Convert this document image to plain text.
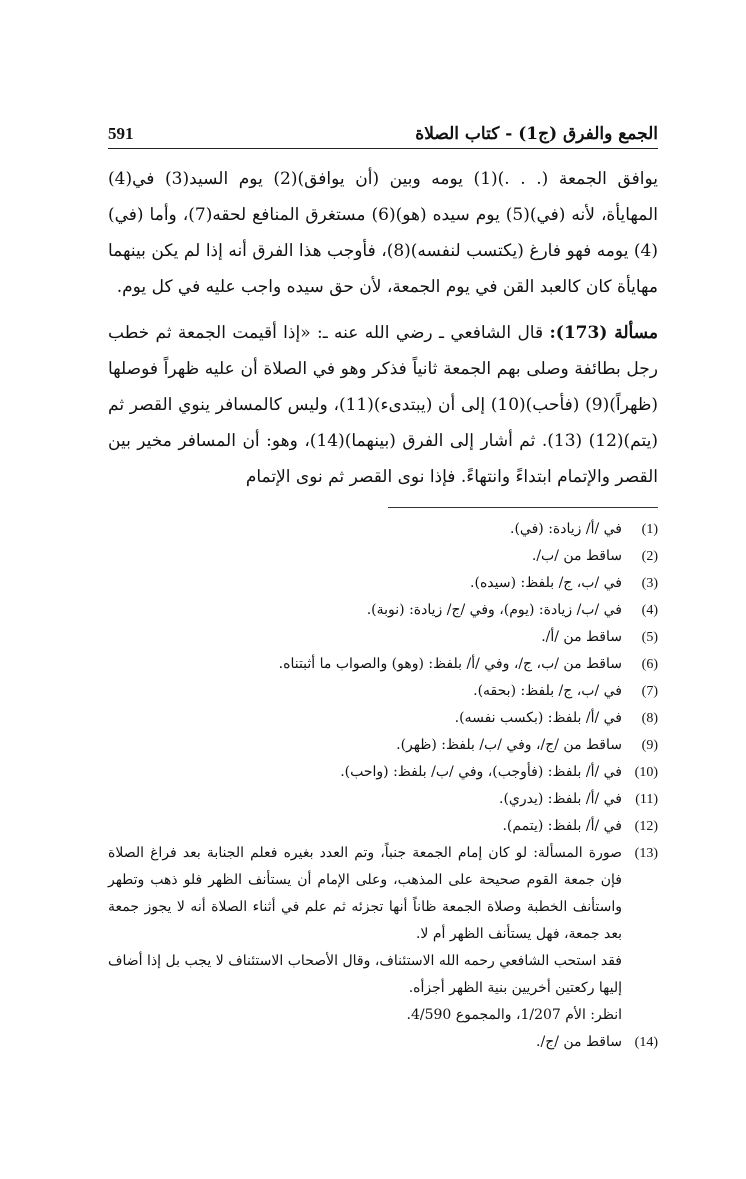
الجمع والفرق (ج1) - كتاب الصلاة
591

يوافق الجمعة (. . .)(1) يومه وبين (أن يوافق)(2) يوم السيد(3) في(4) المهايأة، لأنه (في)(5) يوم سيده (هو)(6) مستغرق المنافع لحقه(7)، وأما (في)(4) يومه فهو فارغ (يكتسب لنفسه)(8)، فأوجب هذا الفرق أنه إذا لم يكن بينهما مهايأة كان كالعبد القن في يوم الجمعة، لأن حق سيده واجب عليه في كل يوم.

مسألة (173): قال الشافعي ـ رضي الله عنه ـ: «إذا أقيمت الجمعة ثم خطب رجل بطائفة وصلى بهم الجمعة ثانياً فذكر وهو في الصلاة أن عليه ظهراً فوصلها (ظهراً)(9) (فأحب)(10) إلى أن (يبتدىء)(11)، وليس كالمسافر ينوي القصر ثم (يتم)(12) (13). ثم أشار إلى الفرق (بينهما)(14)، وهو: أن المسافر مخير بين القصر والإتمام ابتداءً وانتهاءً. فإذا نوى القصر ثم نوى الإتمام

(1)
في /أ/ زيادة: (في).
(2)
ساقط من /ب/.
(3)
في /ب، ج/ بلفظ: (سيده).
(4)
في /ب/ زيادة: (يوم)، وفي /ج/ زيادة: (نوبة).
(5)
ساقط من /أ/.
(6)
ساقط من /ب، ج/، وفي /أ/ بلفظ: (وهو) والصواب ما أثبتناه.
(7)
في /ب، ج/ بلفظ: (بحقه).
(8)
في /أ/ بلفظ: (بكسب نفسه).
(9)
ساقط من /ج/، وفي /ب/ بلفظ: (ظهر).
(10)
في /أ/ بلفظ: (فأوجب)، وفي /ب/ بلفظ: (واحب).
(11)
في /أ/ بلفظ: (يدري).
(12)
في /أ/ بلفظ: (يتمم).
(13)

صورة المسألة: لو كان إمام الجمعة جنباً، وتم العدد بغيره فعلم الجنابة بعد فراغ الصلاة فإن جمعة القوم صحيحة على المذهب، وعلى الإمام أن يستأنف الظهر فلو ذهب وتطهر واستأنف الخطبة وصلاة الجمعة ظاناً أنها تجزئه ثم علم في أثناء الصلاة أنه لا يجوز جمعة بعد جمعة، فهل يستأنف الظهر أم لا.

فقد استحب الشافعي رحمه الله الاستئناف، وقال الأصحاب الاستئناف لا يجب بل إذا أضاف إليها ركعتين أخريين بنية الظهر أجزأه.

انظر: الأم 1/207، والمجموع 4/590.

(14)
ساقط من /ج/.
